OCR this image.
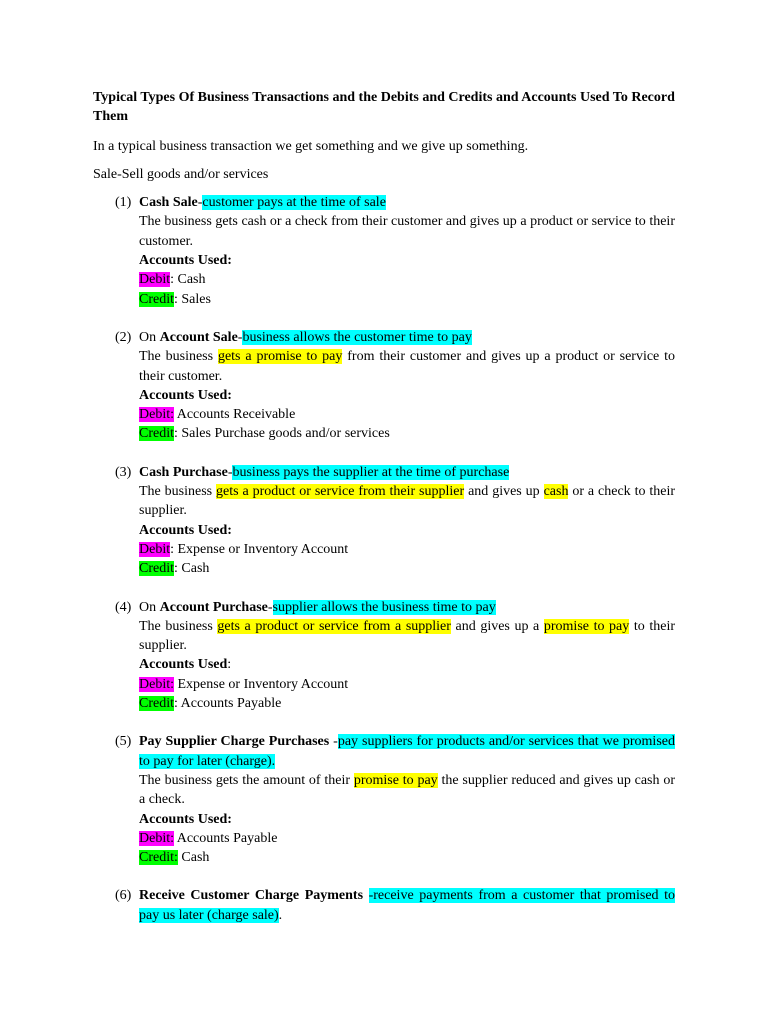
Typical Types Of Business Transactions and the Debits and Credits and Accounts Used To Record Them

In a typical business transaction we get something and we give up something.

Sale-Sell goods and/or services

(1) Cash Sale-customer pays at the time of sale
The business gets cash or a check from their customer and gives up a product or service to their customer.
Accounts Used:
Debit: Cash
Credit: Sales
(2) On Account Sale-business allows the customer time to pay
The business gets a promise to pay from their customer and gives up a product or service to their customer.
Accounts Used:
Debit: Accounts Receivable
Credit: Sales Purchase goods and/or services
(3) Cash Purchase-business pays the supplier at the time of purchase
The business gets a product or service from their supplier and gives up cash or a check to their supplier.
Accounts Used:
Debit: Expense or Inventory Account
Credit: Cash
(4) On Account Purchase-supplier allows the business time to pay
The business gets a product or service from a supplier and gives up a promise to pay to their supplier.
Accounts Used:
Debit: Expense or Inventory Account
Credit: Accounts Payable
(5) Pay Supplier Charge Purchases -pay suppliers for products and/or services that we promised to pay for later (charge).
The business gets the amount of their promise to pay the supplier reduced and gives up cash or a check.
Accounts Used:
Debit: Accounts Payable
Credit: Cash
(6) Receive Customer Charge Payments -receive payments from a customer that promised to pay us later (charge sale).
